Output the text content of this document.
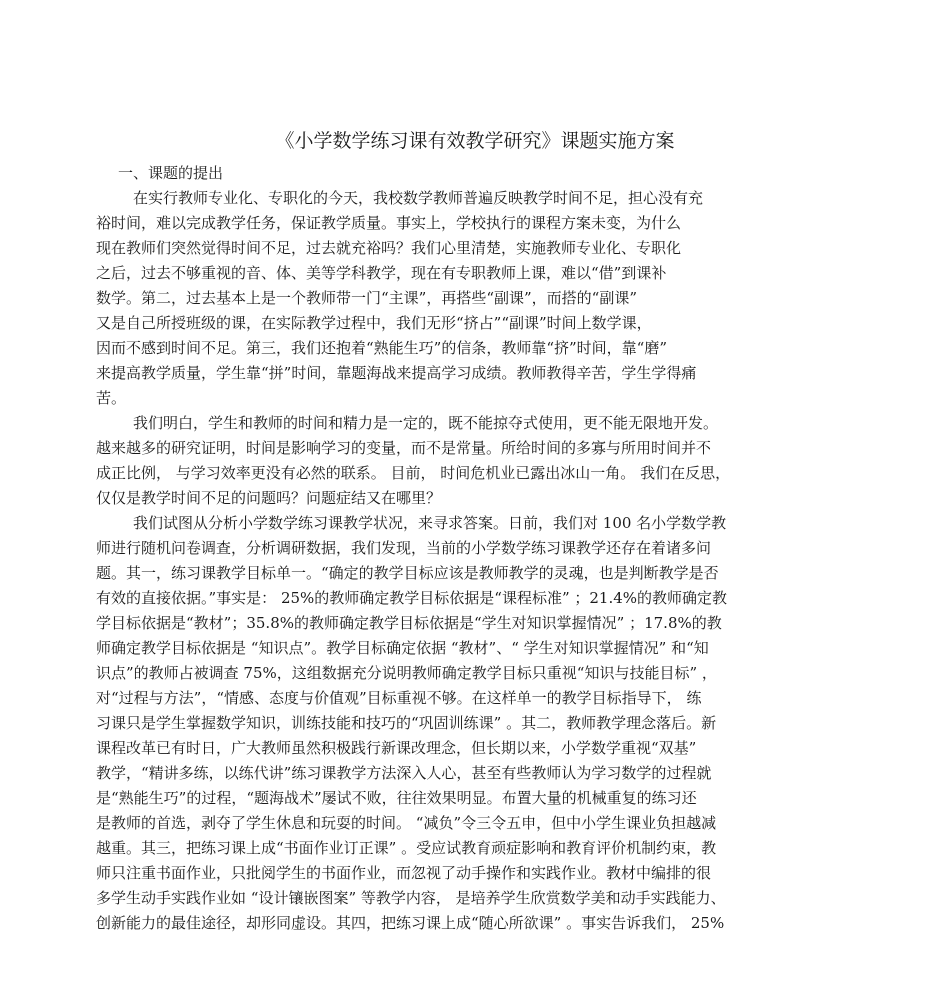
《小学数学练习课有效教学研究》课题实施方案
一、课题的提出
在实行教师专业化、专职化的今天，我校数学教师普遍反映教学时间不足，担心没有充
裕时间，难以完成教学任务，保证教学质量。事实上，学校执行的课程方案未变，为什么
现在教师们突然觉得时间不足，过去就充裕吗？我们心里清楚，实施教师专业化、专职化
之后，过去不够重视的音、体、美等学科教学，现在有专职教师上课，难以“借”到课补
数学。第二，过去基本上是一个教师带一门“主课”，再搭些“副课”，而搭的“副课”
又是自己所授班级的课，在实际教学过程中，我们无形“挤占”“副课”时间上数学课，
因而不感到时间不足。第三，我们还抱着“熟能生巧”的信条，教师靠“挤”时间，靠“磨”
来提高教学质量，学生靠“拼”时间，靠题海战来提高学习成绩。教师教得辛苦，学生学得痛
苦。
我们明白，学生和教师的时间和精力是一定的，既不能掠夺式使用，更不能无限地开发。
越来越多的研究证明，时间是影响学习的变量，而不是常量。所给时间的多寡与所用时间并不
成正比例， 与学习效率更没有必然的联系。 目前， 时间危机业已露出冰山一角。 我们在反思，
仅仅是教学时间不足的问题吗？问题症结又在哪里？
我们试图从分析小学数学练习课教学状况，来寻求答案。日前，我们对 100 名小学数学教
师进行随机问卷调查，分析调研数据，我们发现，当前的小学数学练习课教学还存在着诸多问
题。其一，练习课教学目标单一。“确定的教学目标应该是教师教学的灵魂，也是判断教学是否
有效的直接依据。”事实是： 25%的教师确定教学目标依据是“课程标准” ；21.4%的教师确定教
学目标依据是“教材”；35.8%的教师确定教学目标依据是“学生对知识掌握情况” ；17.8%的教
师确定教学目标依据是 “知识点”。教学目标确定依据 “教材”、“ 学生对知识掌握情况” 和“知
识点”的教师占被调查 75%，这组数据充分说明教师确定教学目标只重视“知识与技能目标” ，
对“过程与方法”，“情感、态度与价值观”目标重视不够。在这样单一的教学目标指导下， 练
习课只是学生掌握数学知识，训练技能和技巧的“巩固训练课” 。其二，教师教学理念落后。新
课程改革已有时日，广大教师虽然积极践行新课改理念，但长期以来，小学数学重视“双基”
教学，“精讲多练，以练代讲”练习课教学方法深入人心，甚至有些教师认为学习数学的过程就
是“熟能生巧”的过程，“题海战术”屡试不败，往往效果明显。布置大量的机械重复的练习还
是教师的首选，剥夺了学生休息和玩耍的时间。 “减负”令三令五申，但中小学生课业负担越减
越重。其三，把练习课上成“书面作业订正课” 。受应试教育顽症影响和教育评价机制约束，教
师只注重书面作业，只批阅学生的书面作业，而忽视了动手操作和实践作业。教材中编排的很
多学生动手实践作业如 “设计镶嵌图案” 等教学内容， 是培养学生欣赏数学美和动手实践能力、
创新能力的最佳途径，却形同虚设。其四，把练习课上成“随心所欲课” 。事实告诉我们， 25%
